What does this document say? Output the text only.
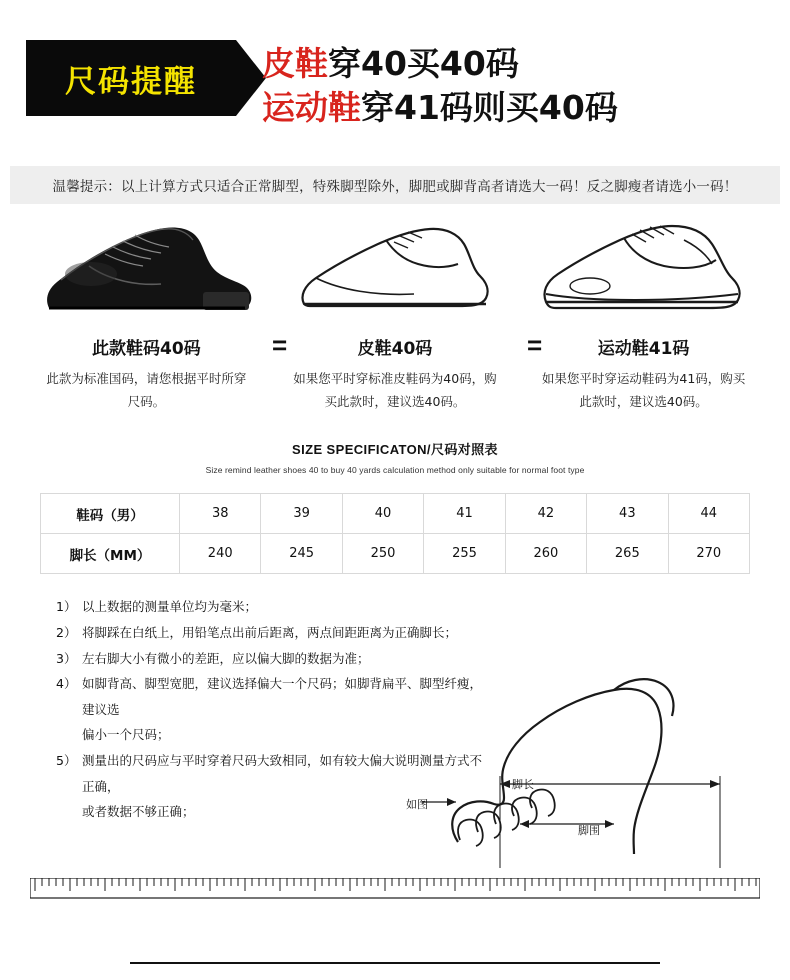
尺码提醒 皮鞋穿40买40码
运动鞋穿41码则买40码
温馨提示：以上计算方式只适合正常脚型，特殊脚型除外，脚肥或脚背高者请选大一码！反之脚瘦者请选小一码！
此款鞋码40码
此款为标准国码，请您根据平时所穿尺码。
皮鞋40码
如果您平时穿标准皮鞋码为40码，购买此款时，建议选40码。
运动鞋41码
如果您平时穿运动鞋码为41码，购买此款时，建议选40码。
=	=
SIZE SPECIFICATON/尺码对照表
Size remind leather shoes 40 to buy 40 yards calculation method only suitable for normal foot type
鞋码（男）	38	39	40	41	42	43	44
脚长（MM）	240	245	250	255	260	265	270
1） 以上数据的测量单位均为毫米；
2） 将脚踩在白纸上，用铅笔点出前后距离，两点间距距离为正确脚长；
3） 左右脚大小有微小的差距，应以偏大脚的数据为准；
4） 如脚背高、脚型宽肥，建议选择偏大一个尺码；如脚背扁平、脚型纤瘦，建议选
偏小一个尺码；
5） 测量出的尺码应与平时穿着尺码大致相同，如有较大偏大说明测量方式不正确，
或者数据不够正确；	如图
脚长
脚围
